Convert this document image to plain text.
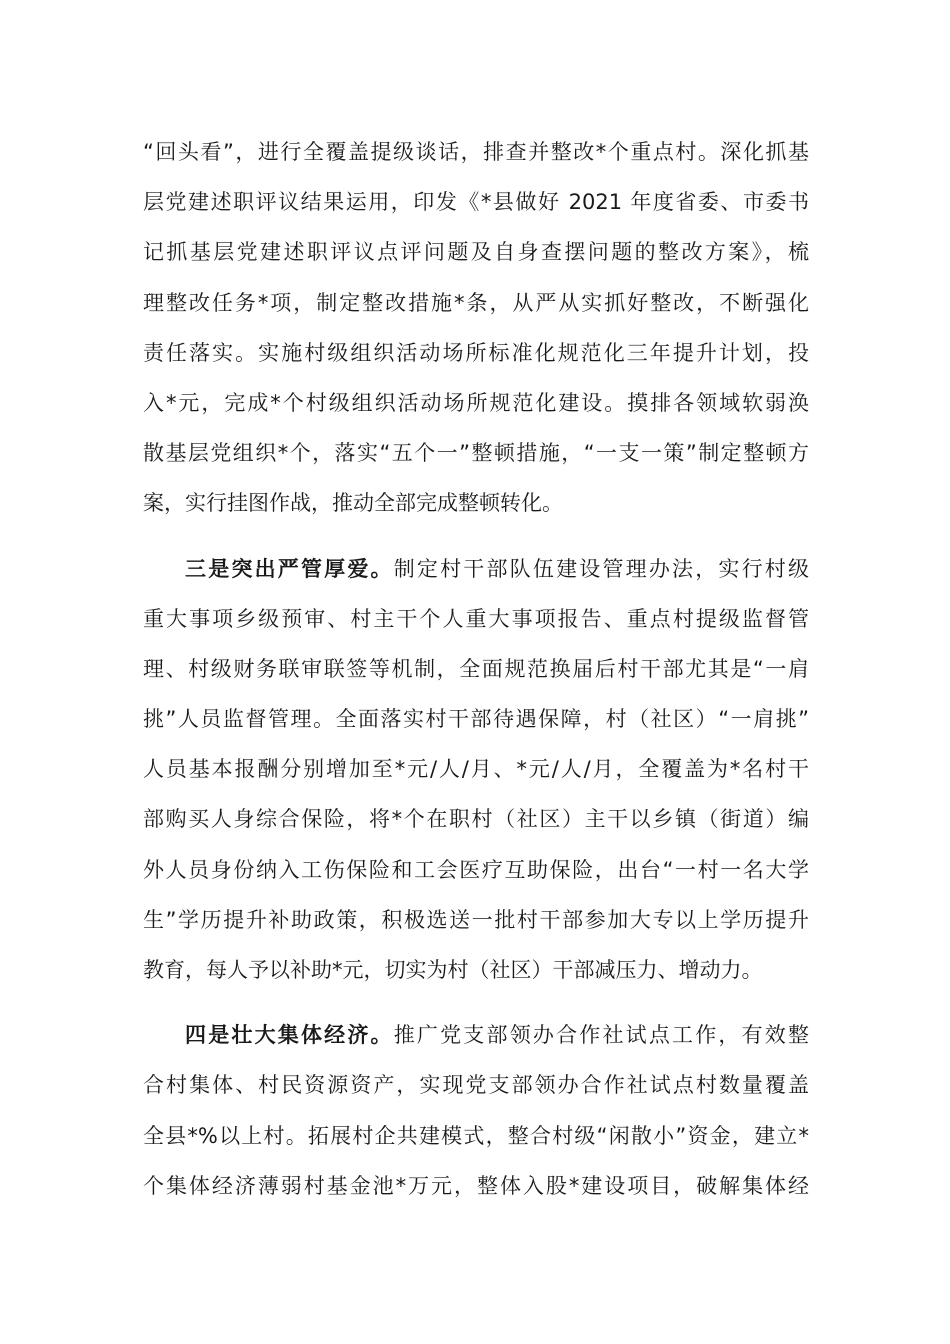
“回头看”，进行全覆盖提级谈话，排查并整改*个重点村。深化抓基
层党建述职评议结果运用，印发《*县做好 2021 年度省委、市委书
记抓基层党建述职评议点评问题及自身查摆问题的整改方案》，梳
理整改任务*项，制定整改措施*条，从严从实抓好整改，不断强化
责任落实。实施村级组织活动场所标准化规范化三年提升计划，投
入*元，完成*个村级组织活动场所规范化建设。摸排各领域软弱涣
散基层党组织*个，落实“五个一”整顿措施，“一支一策”制定整顿方
案，实行挂图作战，推动全部完成整顿转化。
三是突出严管厚爱。制定村干部队伍建设管理办法，实行村级
重大事项乡级预审、村主干个人重大事项报告、重点村提级监督管
理、村级财务联审联签等机制，全面规范换届后村干部尤其是“一肩
挑”人员监督管理。全面落实村干部待遇保障，村（社区）“一肩挑”
人员基本报酬分别增加至*元/人/月、*元/人/月，全覆盖为*名村干
部购买人身综合保险，将*个在职村（社区）主干以乡镇（街道）编
外人员身份纳入工伤保险和工会医疗互助保险，出台“一村一名大学
生”学历提升补助政策，积极选送一批村干部参加大专以上学历提升
教育，每人予以补助*元，切实为村（社区）干部减压力、增动力。
四是壮大集体经济。推广党支部领办合作社试点工作，有效整
合村集体、村民资源资产，实现党支部领办合作社试点村数量覆盖
全县*%以上村。拓展村企共建模式，整合村级“闲散小”资金，建立*
个集体经济薄弱村基金池*万元，整体入股*建设项目，破解集体经
